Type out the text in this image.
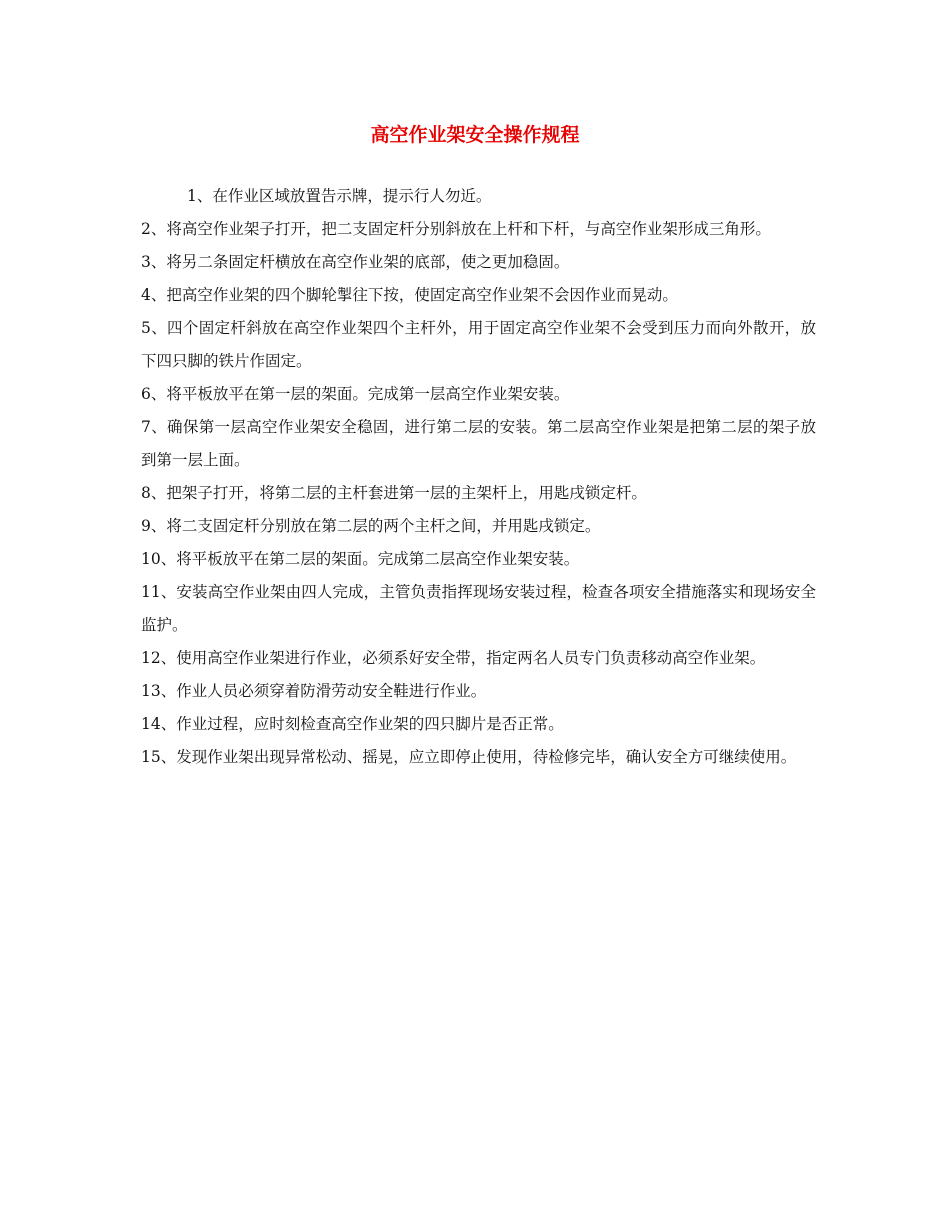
高空作业架安全操作规程

1、在作业区域放置告示牌，提示行人勿近。

2、将高空作业架子打开，把二支固定杆分别斜放在上杆和下杆，与高空作业架形成三角形。

3、将另二条固定杆横放在高空作业架的底部，使之更加稳固。

4、把高空作业架的四个脚轮掣往下按，使固定高空作业架不会因作业而晃动。

5、四个固定杆斜放在高空作业架四个主杆外，用于固定高空作业架不会受到压力而向外散开，放下四只脚的铁片作固定。

6、将平板放平在第一层的架面。完成第一层高空作业架安装。

7、确保第一层高空作业架安全稳固，进行第二层的安装。第二层高空作业架是把第二层的架子放到第一层上面。

8、把架子打开，将第二层的主杆套进第一层的主架杆上，用匙戌锁定杆。

9、将二支固定杆分别放在第二层的两个主杆之间，并用匙戌锁定。

10、将平板放平在第二层的架面。完成第二层高空作业架安装。

11、安装高空作业架由四人完成，主管负责指挥现场安装过程，检查各项安全措施落实和现场安全监护。

12、使用高空作业架进行作业，必须系好安全带，指定两名人员专门负责移动高空作业架。

13、作业人员必须穿着防滑劳动安全鞋进行作业。

14、作业过程，应时刻检查高空作业架的四只脚片是否正常。

15、发现作业架出现异常松动、摇晃，应立即停止使用，待检修完毕，确认安全方可继续使用。
